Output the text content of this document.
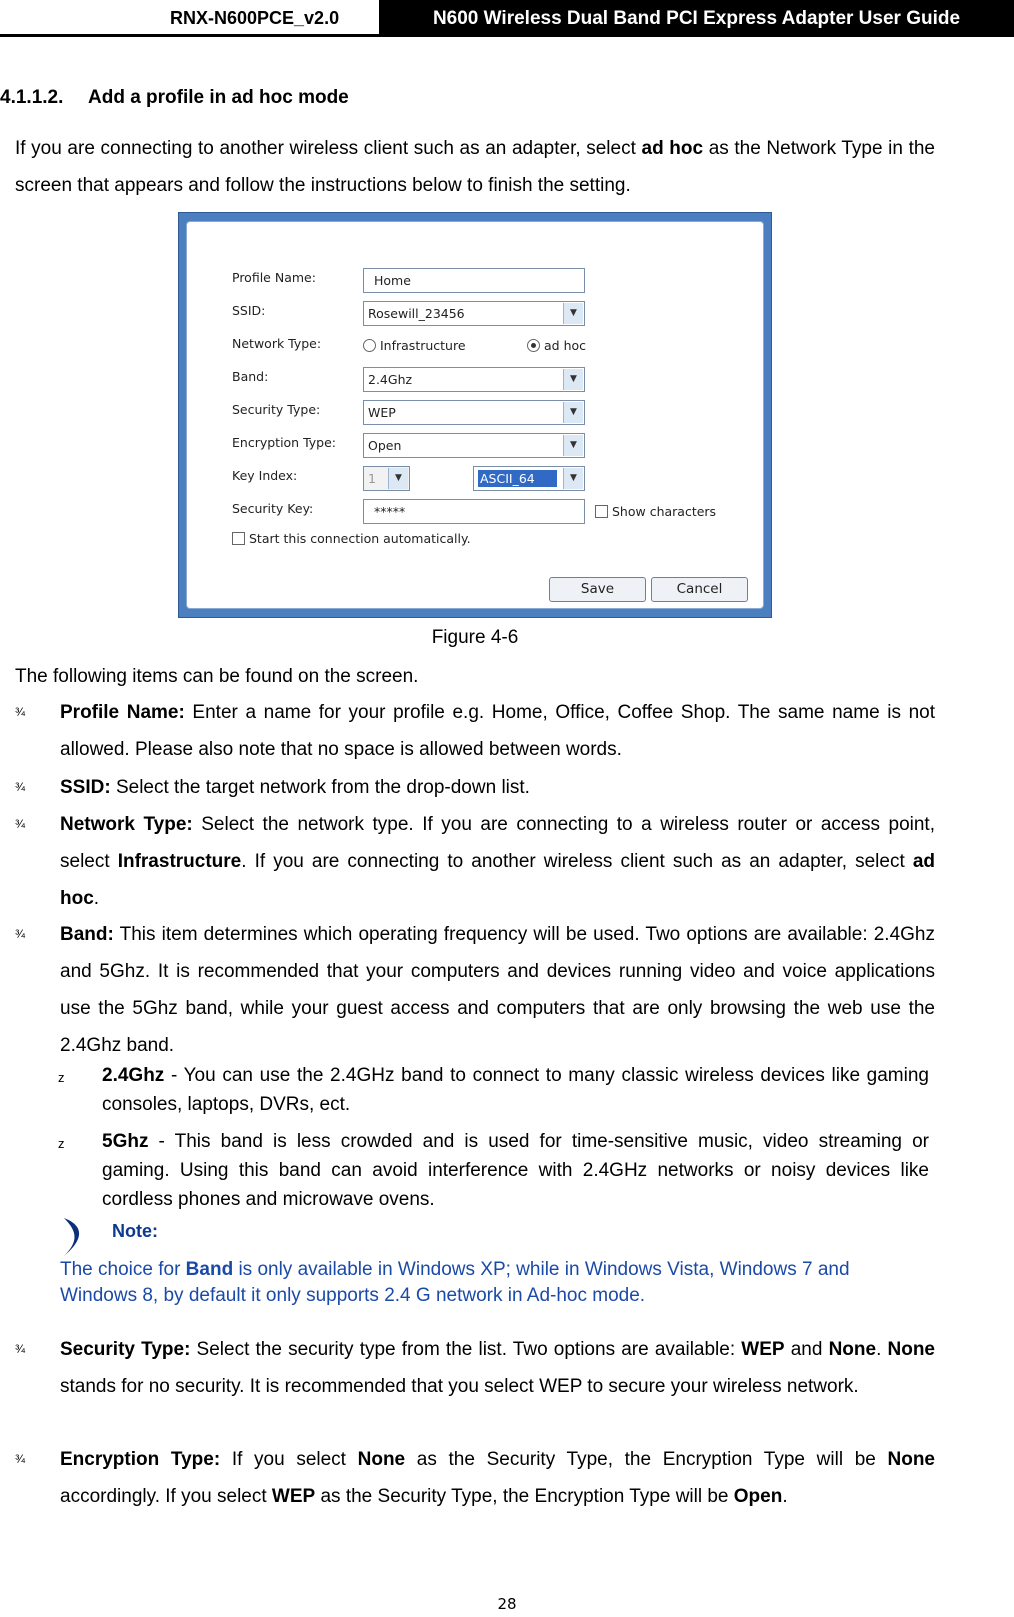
RNX-N600PCE_v2.0	N600 Wireless Dual Band PCI Express Adapter User Guide
4.1.1.2. Add a profile in ad hoc mode
If you are connecting to another wireless client such as an adapter, select ad hoc as the Network Type in the screen that appears and follow the instructions below to finish the setting.
Profile Name:	Home
SSID:	Rosewill_23456	▼
Network Type:	Infrastructure	ad hoc
Band:	2.4Ghz	▼
Security Type:	WEP	▼
Encryption Type:	Open	▼
Key Index:	1	▼	ASCII_64	▼
Security Key:	*****	Show characters
Start this connection automatically.
Save	Cancel
Figure 4-6
The following items can be found on the screen.
¾ Profile Name: Enter a name for your profile e.g. Home, Office, Coffee Shop. The same name is not allowed. Please also note that no space is allowed between words.
¾ SSID: Select the target network from the drop-down list.
¾ Network Type: Select the network type. If you are connecting to a wireless router or access point, select Infrastructure. If you are connecting to another wireless client such as an adapter, select ad hoc.
¾ Band: This item determines which operating frequency will be used. Two options are available: 2.4Ghz and 5Ghz. It is recommended that your computers and devices running video and voice applications use the 5Ghz band, while your guest access and computers that are only browsing the web use the 2.4Ghz band.
z 2.4Ghz - You can use the 2.4GHz band to connect to many classic wireless devices like gaming consoles, laptops, DVRs, ect.
z 5Ghz - This band is less crowded and is used for time-sensitive music, video streaming or gaming. Using this band can avoid interference with 2.4GHz networks or noisy devices like cordless phones and microwave ovens.
Note:
The choice for Band is only available in Windows XP; while in Windows Vista, Windows 7 and Windows 8, by default it only supports 2.4 G network in Ad-hoc mode.
¾ Security Type: Select the security type from the list. Two options are available: WEP and None. None stands for no security. It is recommended that you select WEP to secure your wireless network.
¾ Encryption Type: If you select None as the Security Type, the Encryption Type will be None accordingly. If you select WEP as the Security Type, the Encryption Type will be Open.
28
